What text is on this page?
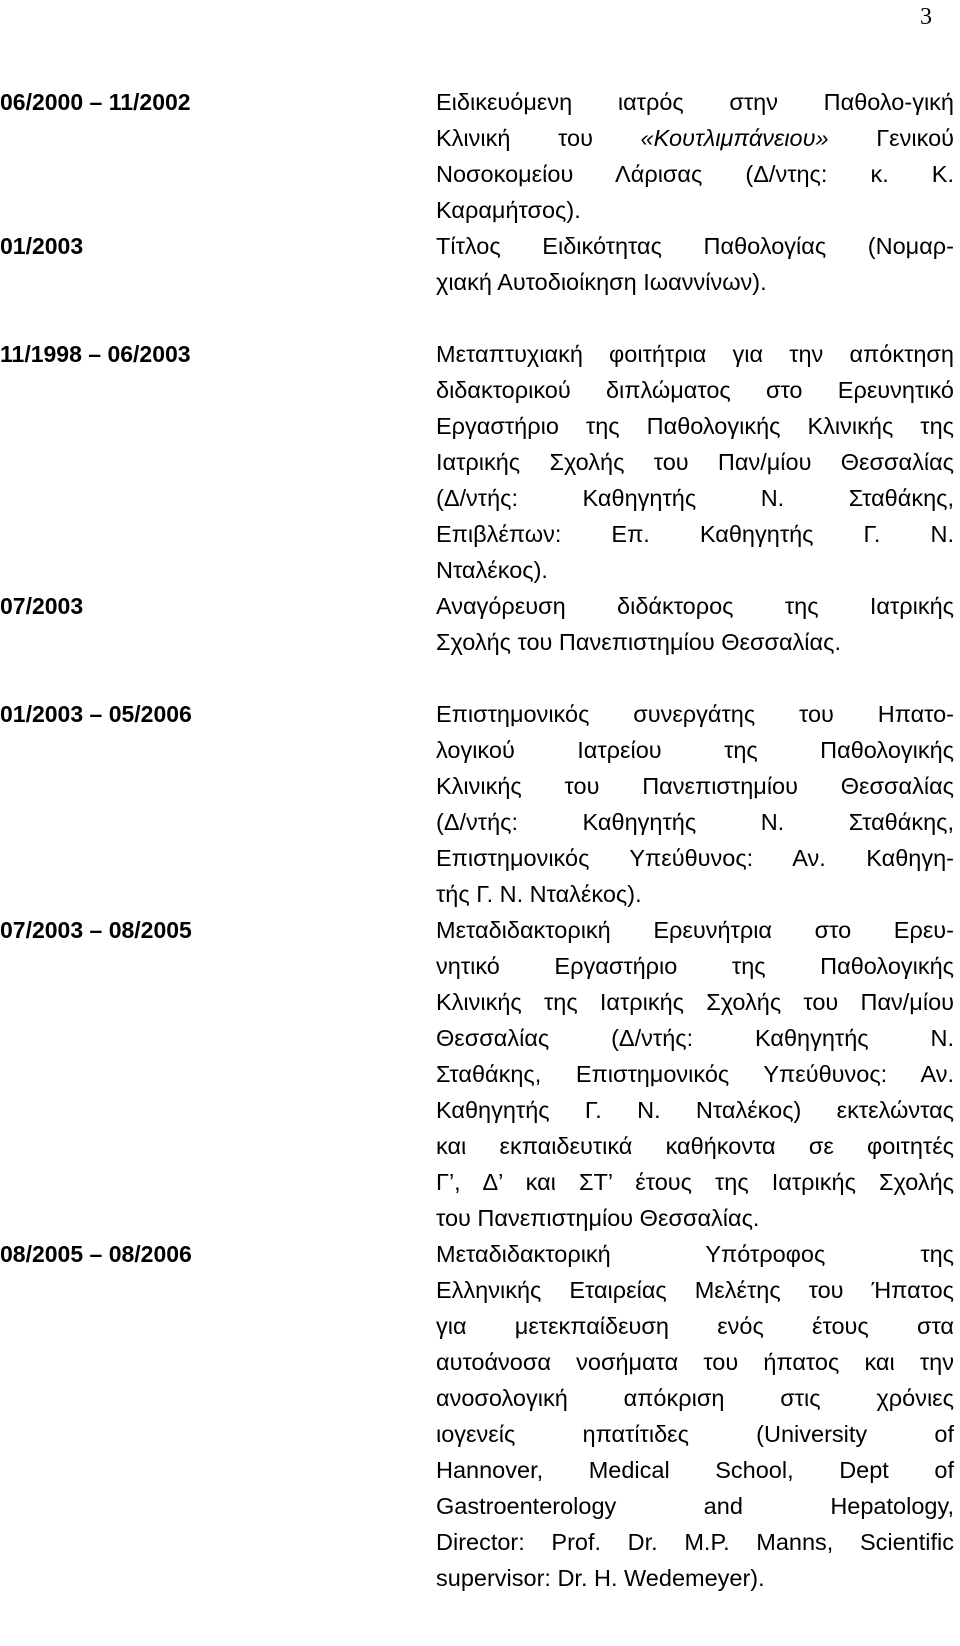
3
06/2000 – 11/2002	Ειδικευόμενη ιατρός στην Παθολο-γική
Κλινική του «Κουτλιμπάνειου» Γενικού
Νοσοκομείου Λάρισας (Δ/ντης: κ. Κ.
Καραμήτσος).
01/2003	Τίτλος Ειδικότητας Παθολογίας (Νομαρ-
χιακή Αυτοδιοίκηση Ιωαννίνων).
11/1998 – 06/2003	Μεταπτυχιακή φοιτήτρια για την απόκτηση
διδακτορικού διπλώματος στο Ερευνητικό
Εργαστήριο της Παθολογικής Κλινικής της
Ιατρικής Σχολής του Παν/μίου Θεσσαλίας
(Δ/ντής: Καθηγητής Ν. Σταθάκης,
Επιβλέπων: Επ. Καθηγητής Γ. Ν.
Νταλέκος).
07/2003	Αναγόρευση διδάκτορος της Ιατρικής
Σχολής του Πανεπιστημίου Θεσσαλίας.
01/2003 – 05/2006	Επιστημονικός συνεργάτης του Ηπατο-
λογικού Ιατρείου της Παθολογικής
Κλινικής του Πανεπιστημίου Θεσσαλίας
(Δ/ντής: Καθηγητής Ν. Σταθάκης,
Επιστημονικός Υπεύθυνος: Αν. Καθηγη-
τής Γ. Ν. Νταλέκος).
07/2003 – 08/2005	Μεταδιδακτορική Ερευνήτρια στο Ερευ-
νητικό Εργαστήριο της Παθολογικής
Κλινικής της Ιατρικής Σχολής του Παν/μίου
Θεσσαλίας (Δ/ντής: Καθηγητής Ν.
Σταθάκης, Επιστημονικός Υπεύθυνος: Αν.
Καθηγητής Γ. Ν. Νταλέκος) εκτελώντας
και εκπαιδευτικά καθήκοντα σε φοιτητές
Γ’, Δ’ και ΣΤ’ έτους της Ιατρικής Σχολής
του Πανεπιστημίου Θεσσαλίας.
08/2005 – 08/2006	Μεταδιδακτορική Υπότροφος της
Ελληνικής Εταιρείας Μελέτης του Ήπατος
για μετεκπαίδευση ενός έτους στα
αυτοάνοσα νοσήματα του ήπατος και την
ανοσολογική απόκριση στις χρόνιες
ιογενείς ηπατίτιδες (University of
Hannover, Medical School, Dept of
Gastroenterology and Hepatology,
Director: Prof. Dr. M.P. Manns, Scientific
supervisor: Dr. H. Wedemeyer).
